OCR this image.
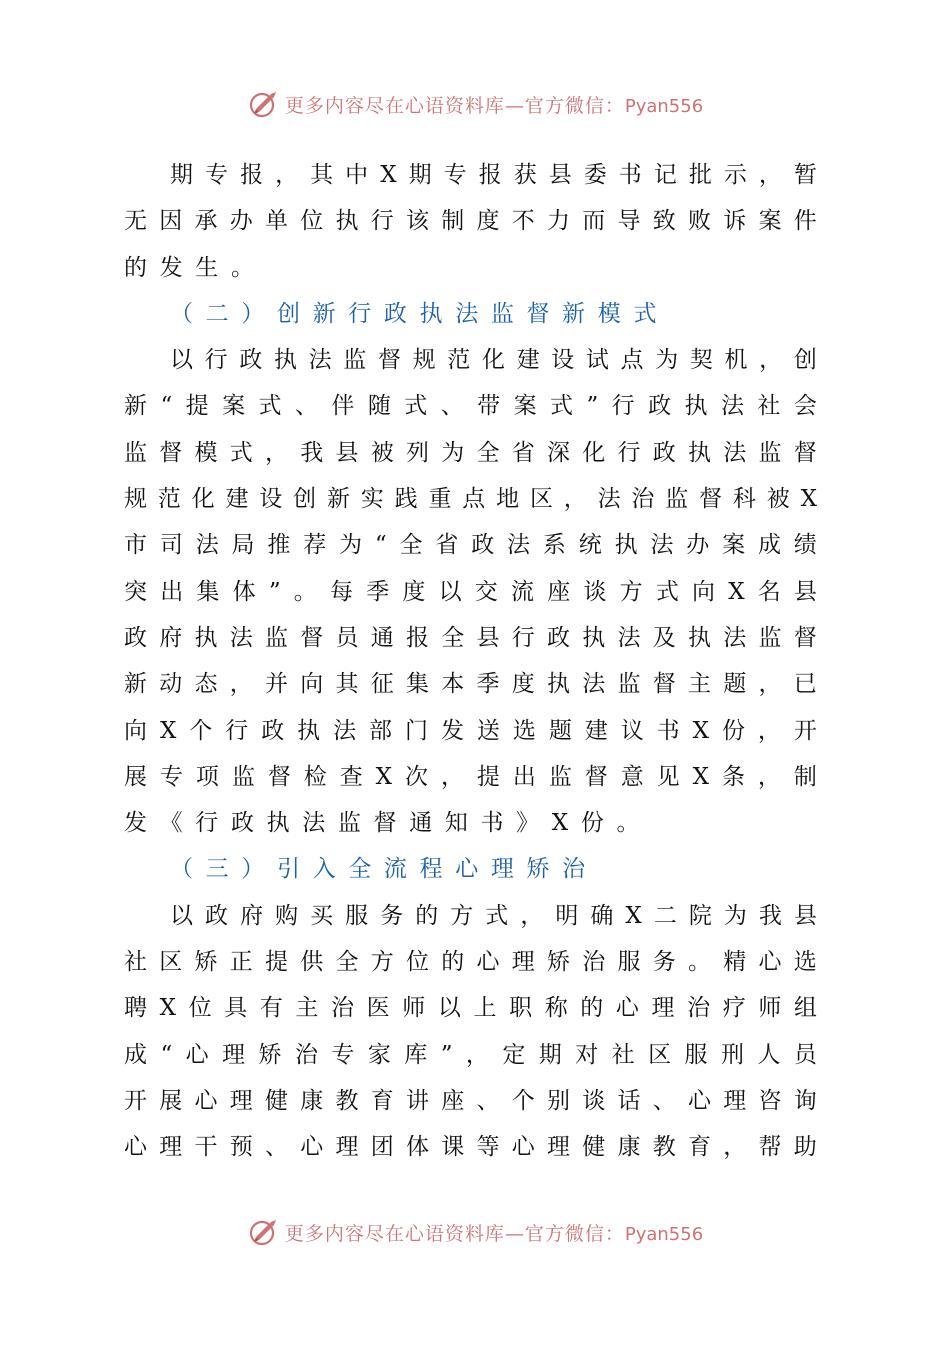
更多内容尽在心语资料库—官方微信：Pyan556
期 专 报 ， 其 中 X 期 专 报 获 县 委 书 记 批 示 ， 暂
无 因 承 办 单 位 执 行 该 制 度 不 力 而 导 致 败 诉 案 件
的发生。
（二）创新行政执法监督新模式
以 行 政 执 法 监 督 规 范 化 建 设 试 点 为 契 机 ， 创
新 “ 提 案 式 、 伴 随 式 、 带 案 式 ” 行 政 执 法 社 会
监 督 模 式 ， 我 县 被 列 为 全 省 深 化 行 政 执 法 监 督
规 范 化 建 设 创 新 实 践 重 点 地 区 ， 法 治 监 督 科 被 X
市 司 法 局 推 荐 为 “ 全 省 政 法 系 统 执 法 办 案 成 绩
突 出 集 体 ” 。 每 季 度 以 交 流 座 谈 方 式 向 X 名 县
政 府 执 法 监 督 员 通 报 全 县 行 政 执 法 及 执 法 监 督
新 动 态 ， 并 向 其 征 集 本 季 度 执 法 监 督 主 题 ， 已
向 X 个 行 政 执 法 部 门 发 送 选 题 建 议 书 X 份 ， 开
展 专 项 监 督 检 查 X 次 ， 提 出 监 督 意 见 X 条 ， 制
发《行政执法监督通知书》X份。
（三）引入全流程心理矫治
以 政 府 购 买 服 务 的 方 式 ， 明 确 X 二 院 为 我 县
社 区 矫 正 提 供 全 方 位 的 心 理 矫 治 服 务 。 精 心 选
聘 X 位 具 有 主 治 医 师 以 上 职 称 的 心 理 治 疗 师 组
成 “ 心 理 矫 治 专 家 库 ” ， 定 期 对 社 区 服 刑 人 员
开 展 心 理 健 康 教 育 讲 座 、 个 别 谈 话 、 心 理 咨 询
心 理 干 预 、 心 理 团 体 课 等 心 理 健 康 教 育 ， 帮 助
更多内容尽在心语资料库—官方微信：Pyan556
